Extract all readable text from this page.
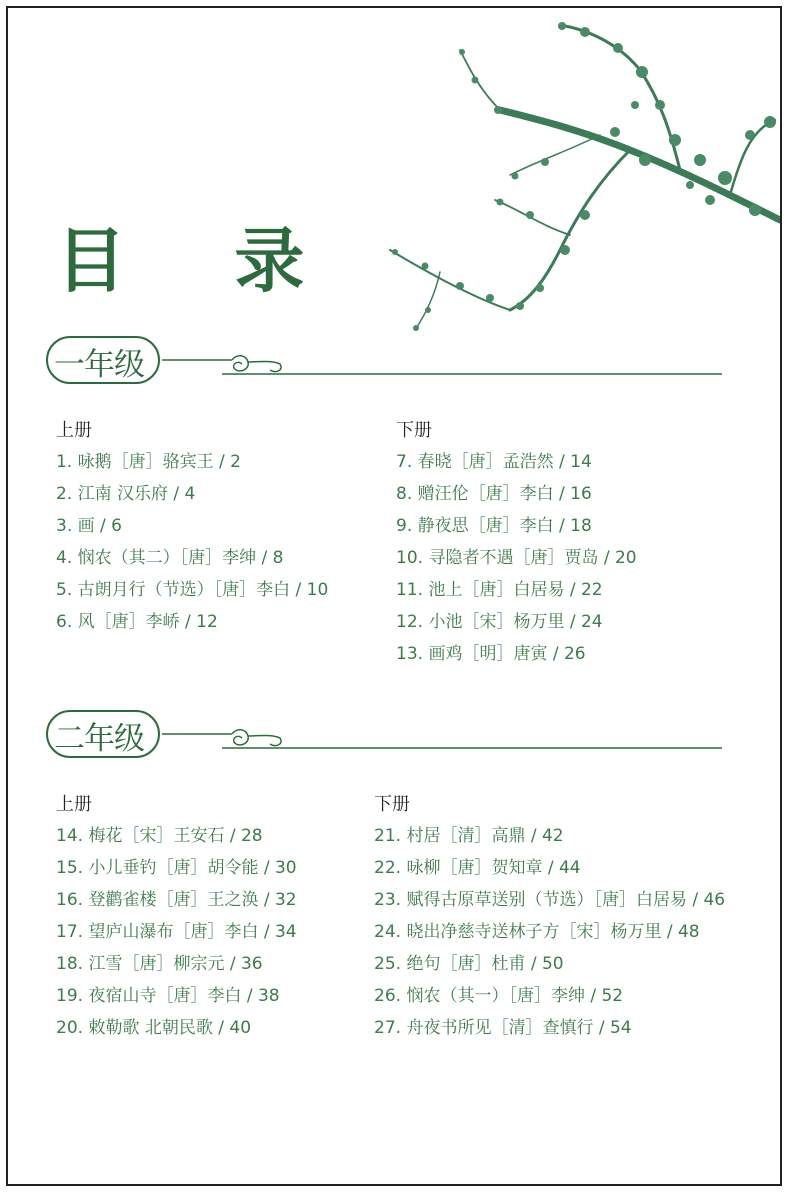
目 录
一年级
上册
1. 咏鹅［唐］骆宾王 / 2
2. 江南 汉乐府 / 4
3. 画 / 6
4. 悯农（其二）［唐］李绅 / 8
5. 古朗月行（节选）［唐］李白 / 10
6. 风［唐］李峤 / 12
下册
7. 春晓［唐］孟浩然 / 14
8. 赠汪伦［唐］李白 / 16
9. 静夜思［唐］李白 / 18
10. 寻隐者不遇［唐］贾岛 / 20
11. 池上［唐］白居易 / 22
12. 小池［宋］杨万里 / 24
13. 画鸡［明］唐寅 / 26
二年级
上册
14. 梅花［宋］王安石 / 28
15. 小儿垂钓［唐］胡令能 / 30
16. 登鹳雀楼［唐］王之涣 / 32
17. 望庐山瀑布［唐］李白 / 34
18. 江雪［唐］柳宗元 / 36
19. 夜宿山寺［唐］李白 / 38
20. 敕勒歌 北朝民歌 / 40
下册
21. 村居［清］高鼎 / 42
22. 咏柳［唐］贺知章 / 44
23. 赋得古原草送别（节选）［唐］白居易 / 46
24. 晓出净慈寺送林子方［宋］杨万里 / 48
25. 绝句［唐］杜甫 / 50
26. 悯农（其一）［唐］李绅 / 52
27. 舟夜书所见［清］查慎行 / 54
